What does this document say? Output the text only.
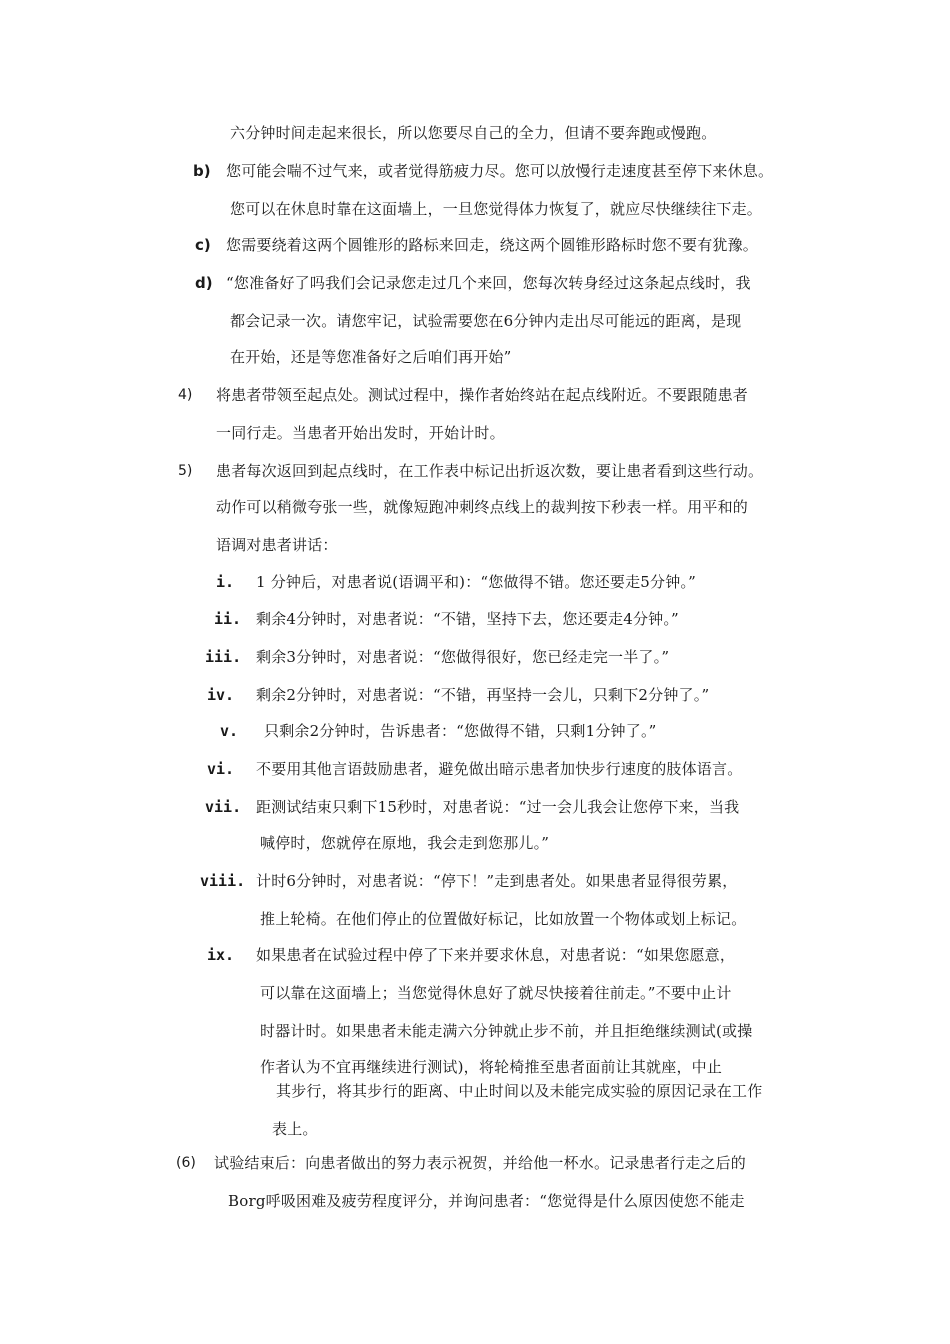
六分钟时间走起来很长，所以您要尽自己的全力，但请不要奔跑或慢跑。
b) 您可能会喘不过气来，或者觉得筋疲力尽。您可以放慢行走速度甚至停下来休息。
您可以在休息时靠在这面墙上，一旦您觉得体力恢复了，就应尽快继续往下走。
c) 您需要绕着这两个圆锥形的路标来回走，绕这两个圆锥形路标时您不要有犹豫。
d) “您准备好了吗我们会记录您走过几个来回，您每次转身经过这条起点线时，我
都会记录一次。请您牢记，试验需要您在6分钟内走出尽可能远的距离，是现
在开始，还是等您准备好之后咱们再开始”
4) 将患者带领至起点处。测试过程中，操作者始终站在起点线附近。不要跟随患者
一同行走。当患者开始出发时，开始计时。
5) 患者每次返回到起点线时，在工作表中标记出折返次数，要让患者看到这些行动。
动作可以稍微夸张一些，就像短跑冲刺终点线上的裁判按下秒表一样。用平和的
语调对患者讲话：
i. 1 分钟后，对患者说(语调平和)：“您做得不错。您还要走5分钟。”
ii. 剩余4分钟时，对患者说：“不错，坚持下去，您还要走4分钟。”
iii. 剩余3分钟时，对患者说：“您做得很好，您已经走完一半了。”
iv. 剩余2分钟时，对患者说：“不错，再坚持一会儿，只剩下2分钟了。”
v. 只剩余2分钟时，告诉患者：“您做得不错，只剩1分钟了。”
vi. 不要用其他言语鼓励患者，避免做出暗示患者加快步行速度的肢体语言。
vii. 距测试结束只剩下15秒时，对患者说：“过一会儿我会让您停下来，当我
喊停时，您就停在原地，我会走到您那儿。”
viii. 计时6分钟时，对患者说：“停下！”走到患者处。如果患者显得很劳累，
推上轮椅。在他们停止的位置做好标记，比如放置一个物体或划上标记。
ix. 如果患者在试验过程中停了下来并要求休息，对患者说：“如果您愿意，
可以靠在这面墙上；当您觉得休息好了就尽快接着往前走。”不要中止计
时器计时。如果患者未能走满六分钟就止步不前，并且拒绝继续测试(或操
作者认为不宜再继续进行测试)，将轮椅推至患者面前让其就座，中止
其步行，将其步行的距离、中止时间以及未能完成实验的原因记录在工作
表上。
(6) 试验结束后：向患者做出的努力表示祝贺，并给他一杯水。记录患者行走之后的
Borg呼吸困难及疲劳程度评分，并询问患者：“您觉得是什么原因使您不能走
